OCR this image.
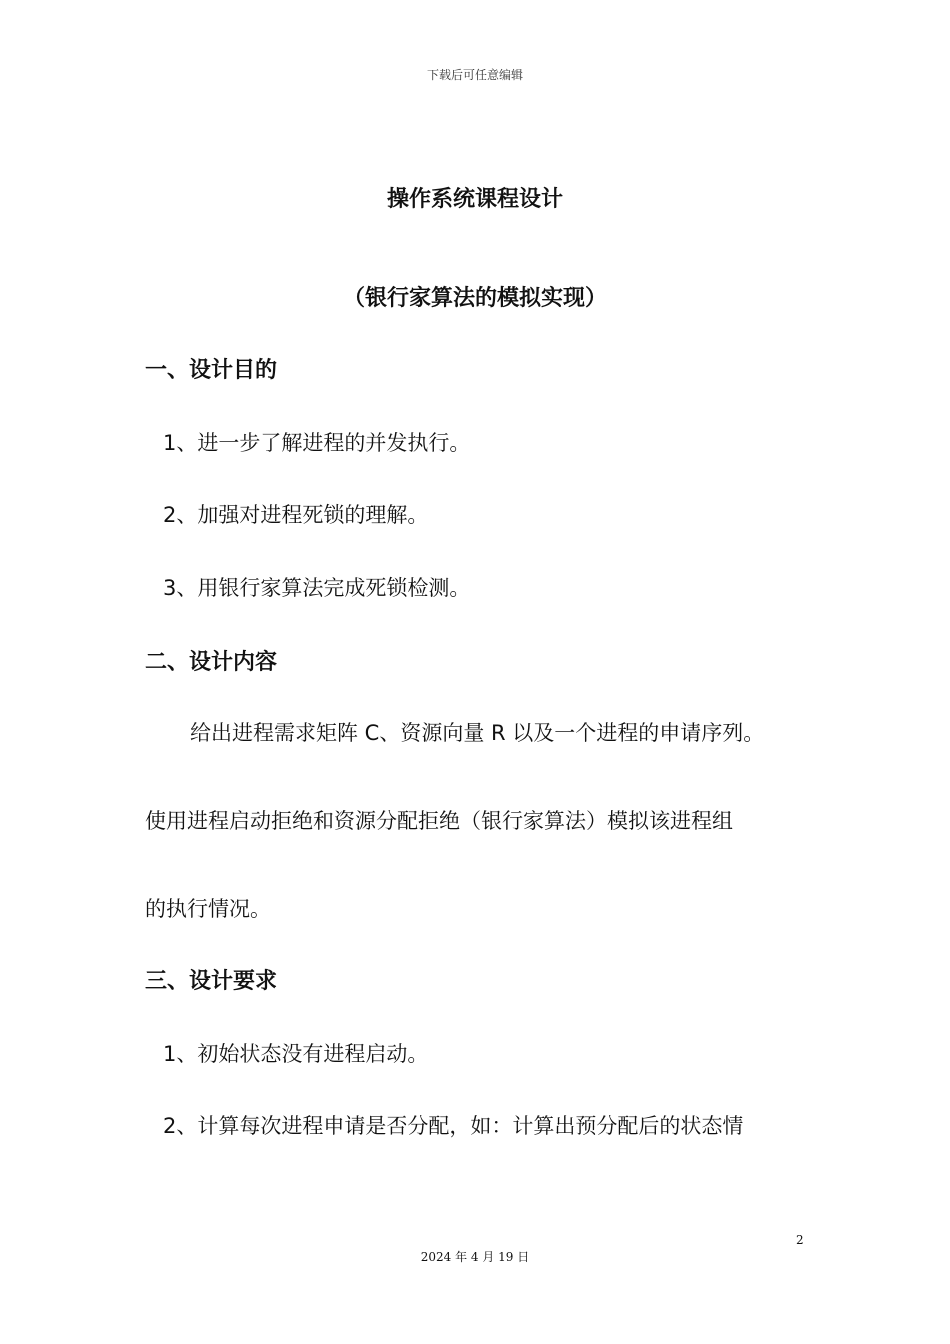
下载后可任意编辑
操作系统课程设计
（银行家算法的模拟实现）
一、设计目的
1、进一步了解进程的并发执行。
2、加强对进程死锁的理解。
3、用银行家算法完成死锁检测。
二、设计内容
给出进程需求矩阵 C、资源向量 R 以及一个进程的申请序列。
使用进程启动拒绝和资源分配拒绝（银行家算法）模拟该进程组
的执行情况。
三、设计要求
1、初始状态没有进程启动。
2、计算每次进程申请是否分配，如：计算出预分配后的状态情
2
2024 年 4 月 19 日
